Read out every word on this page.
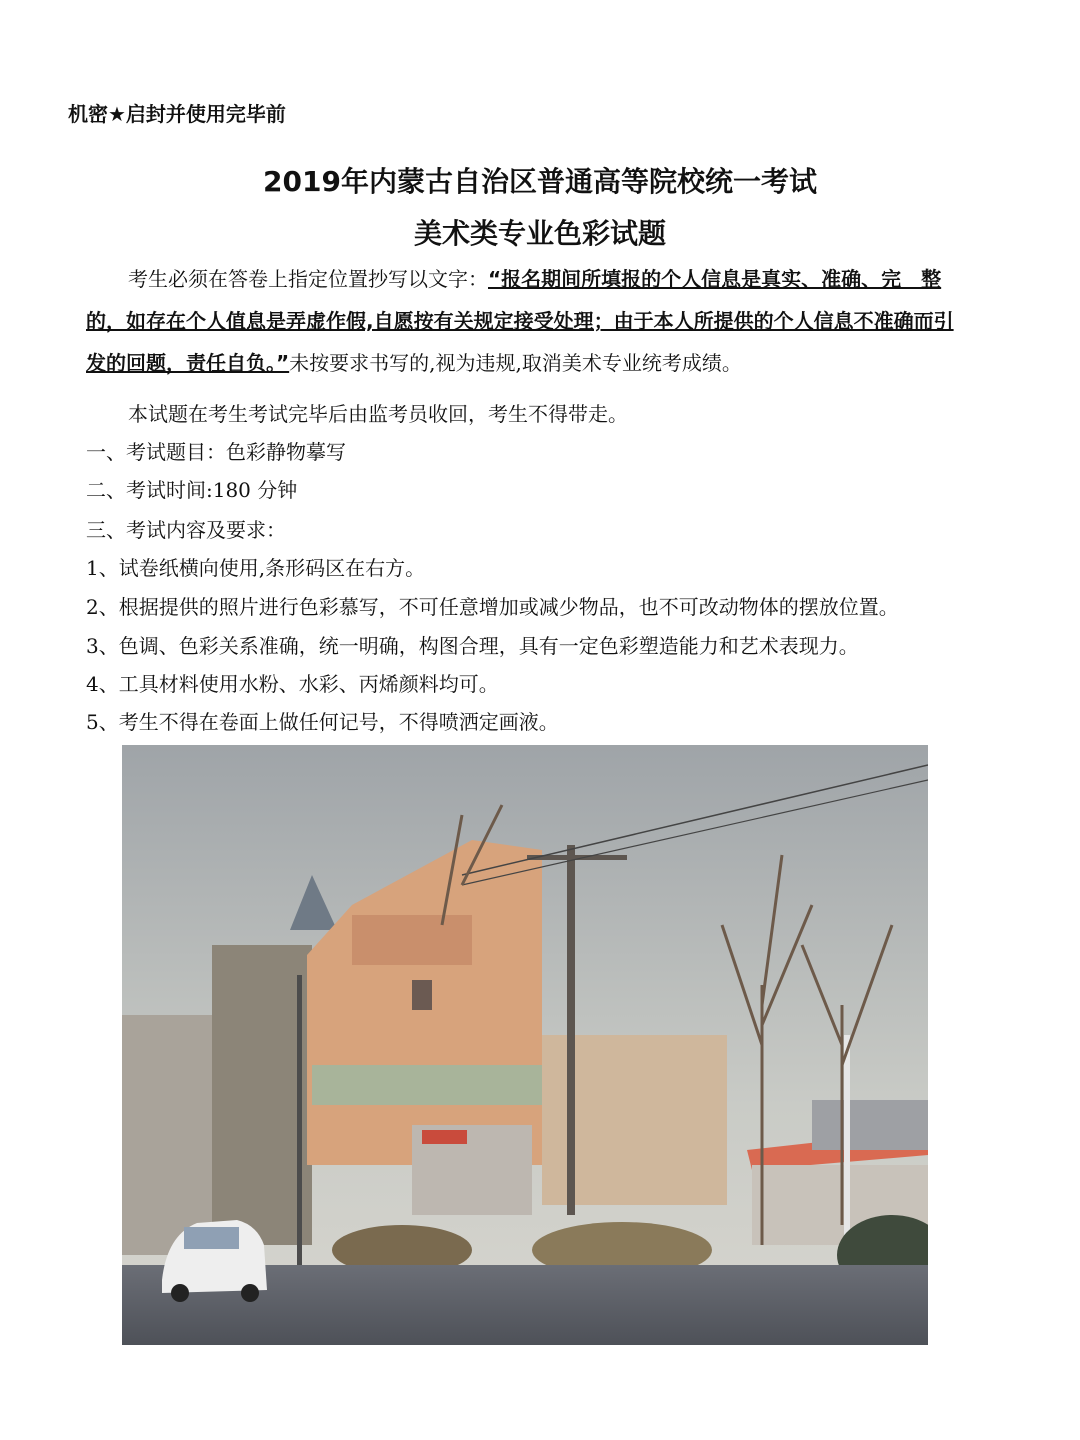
机密★启封并使用完毕前
2019年内蒙古自治区普通高等院校统一考试
美术类专业色彩试题
考生必须在答卷上指定位置抄写以文字：“报名期间所填报的个人信息是真实、准确、完　整的，如存在个人值息是弄虚作假,自愿按有关规定接受处理；由于本人所提供的个人信息不准确而引发的回题，责任自负。”未按要求书写的,视为违规,取消美术专业统考成绩。
本试题在考生考试完毕后由监考员收回，考生不得带走。
一、考试题目：色彩静物摹写
二、考试时间:180 分钟
三、考试内容及要求：
1、试卷纸横向使用,条形码区在右方。
2、根据提供的照片进行色彩慕写，不可任意增加或减少物品，也不可改动物体的摆放位置。
3、色调、色彩关系准确，统一明确，构图合理，具有一定色彩塑造能力和艺术表现力。
4、工具材料使用水粉、水彩、丙烯颜料均可。
5、考生不得在卷面上做任何记号，不得喷洒定画液。
